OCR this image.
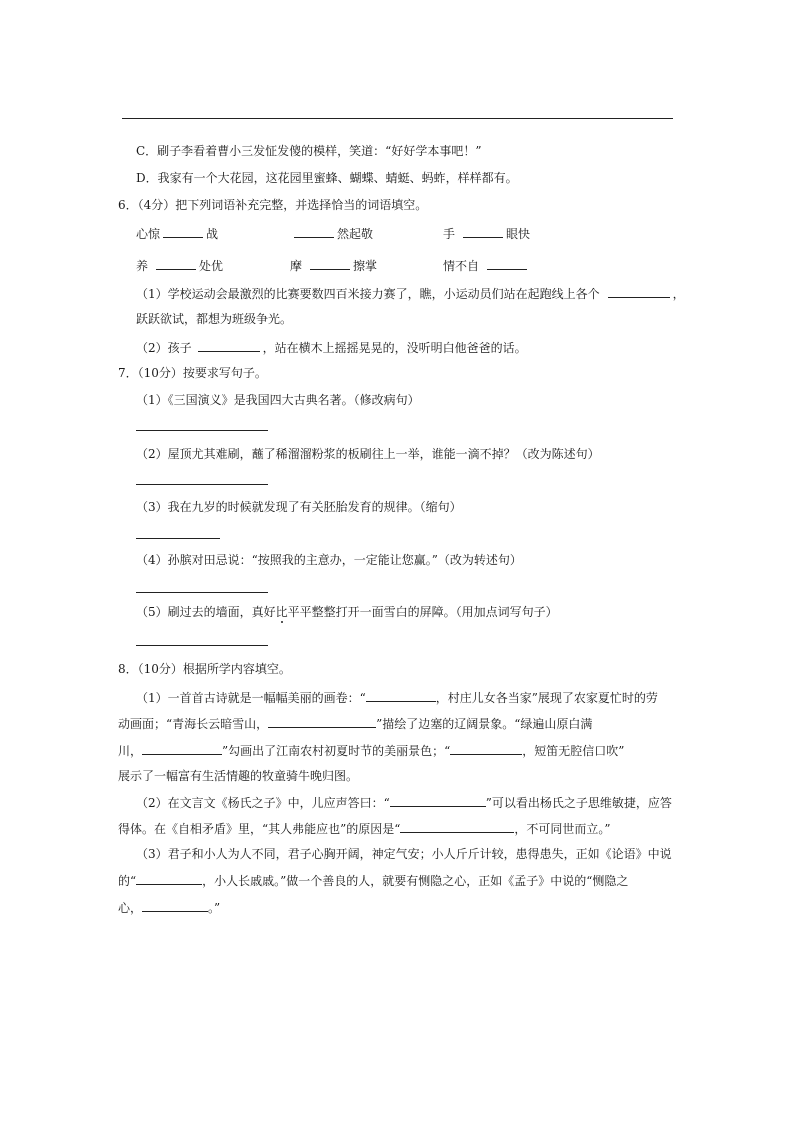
C．刷子李看着曹小三发怔发傻的模样，笑道：“好好学本事吧！”
D．我家有一个大花园，这花园里蜜蜂、蝴蝶、蜻蜓、蚂蚱，样样都有。
6．（4分）把下列词语补充完整，并选择恰当的词语填空。
心惊	战	然起敬	手	眼快
养	处优	摩	擦掌	情不自
（1）学校运动会最激烈的比赛要数四百米接力赛了，瞧，小运动员们站在起跑线上各个	，
跃跃欲试，都想为班级争光。
（2）孩子	，站在横木上摇摇晃晃的，没听明白他爸爸的话。
7．（10分）按要求写句子。
（1）《三国演义》是我国四大古典名著。（修改病句）
（2）屋顶尤其难刷，蘸了稀溜溜粉浆的板刷往上一举，谁能一滴不掉？（改为陈述句）
（3）我在九岁的时候就发现了有关胚胎发育的规律。（缩句）
（4）孙膑对田忌说：“按照我的主意办，一定能让您赢。”（改为转述句）
（5）刷过去的墙面，真好比平平整整打开一面雪白的屏障。（用加点词写句子）
8．（10分）根据所学内容填空。
（1）一首首古诗就是一幅幅美丽的画卷：“	，村庄儿女各当家”展现了农家夏忙时的劳
动画面；“青海长云暗雪山，	”描绘了边塞的辽阔景象。“绿遍山原白满
川，	”勾画出了江南农村初夏时节的美丽景色；“	，短笛无腔信口吹”
展示了一幅富有生活情趣的牧童骑牛晚归图。
（2）在文言文《杨氏之子》中，儿应声答曰：“	”可以看出杨氏之子思维敏捷，应答
得体。在《自相矛盾》里，“其人弗能应也”的原因是“	，不可同世而立。”
（3）君子和小人为人不同，君子心胸开阔，神定气安；小人斤斤计较，患得患失，正如《论语》中说
的“	，小人长戚戚。”做一个善良的人，就要有恻隐之心，正如《孟子》中说的“恻隐之
心，	。”
